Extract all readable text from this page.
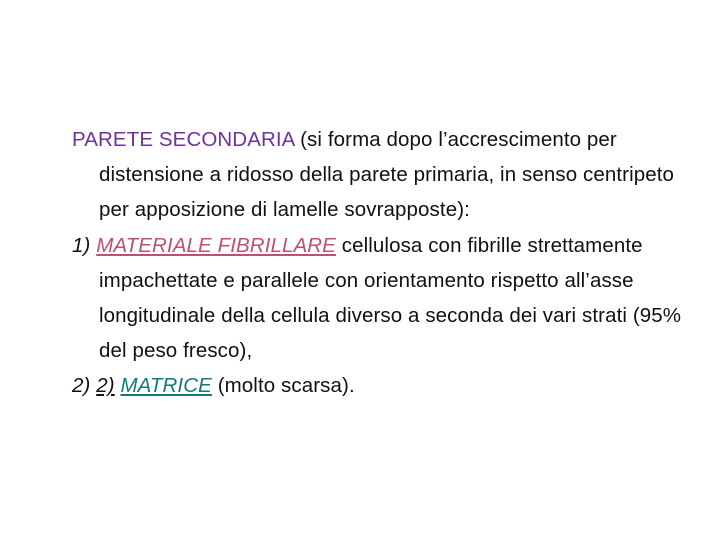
PARETE SECONDARIA (si forma dopo l’accrescimento per distensione a ridosso della parete primaria, in senso centripeto per apposizione di lamelle sovrapposte):

1) MATERIALE FIBRILLARE cellulosa con fibrille strettamente impachettate e parallele con orientamento rispetto all’asse longitudinale della cellula diverso a seconda dei vari strati (95% del peso fresco),

2) 2) MATRICE (molto scarsa).
